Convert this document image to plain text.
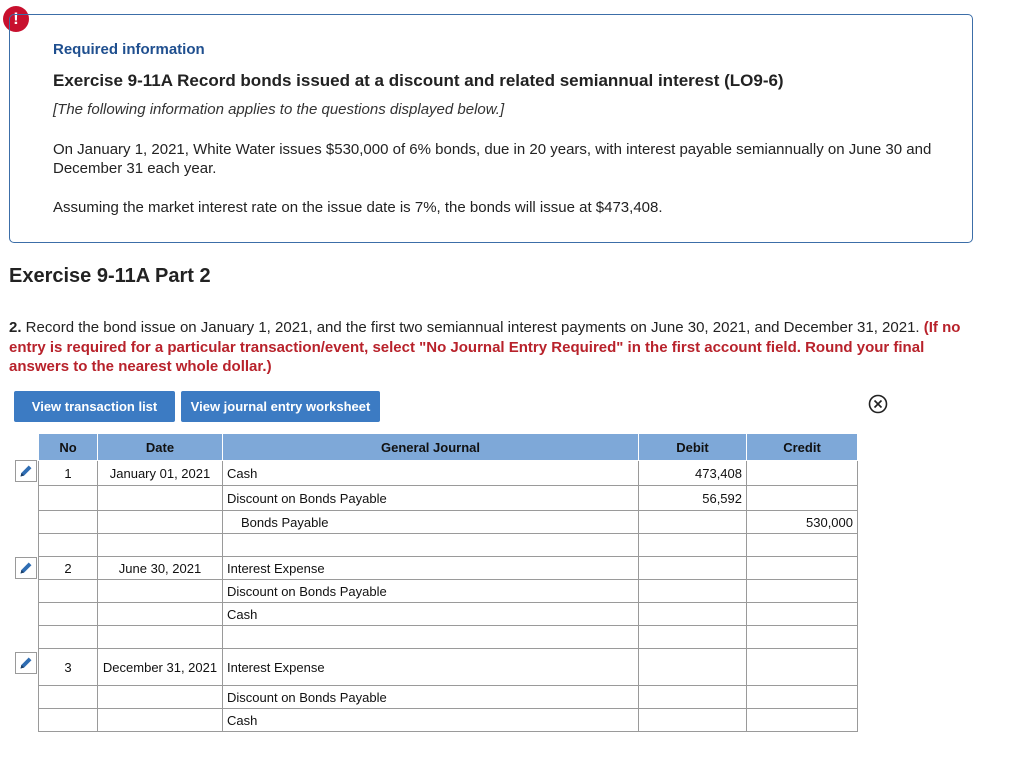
!
Required information
Exercise 9-11A Record bonds issued at a discount and related semiannual interest (LO9-6)
[The following information applies to the questions displayed below.]
On January 1, 2021, White Water issues $530,000 of 6% bonds, due in 20 years, with interest payable semiannually on June 30 and December 31 each year.
Assuming the market interest rate on the issue date is 7%, the bonds will issue at $473,408.
Exercise 9-11A Part 2
2. Record the bond issue on January 1, 2021, and the first two semiannual interest payments on June 30, 2021, and December 31, 2021. (If no entry is required for a particular transaction/event, select "No Journal Entry Required" in the first account field. Round your final answers to the nearest whole dollar.)
View transaction list	View journal entry worksheet
No	Date	General Journal	Debit	Credit
1	January 01, 2021	Cash	473,408	
		Discount on Bonds Payable	56,592	
		Bonds Payable		530,000

2	June 30, 2021	Interest Expense		
		Discount on Bonds Payable		
		Cash		

3	December 31, 2021	Interest Expense		
		Discount on Bonds Payable		
		Cash		
